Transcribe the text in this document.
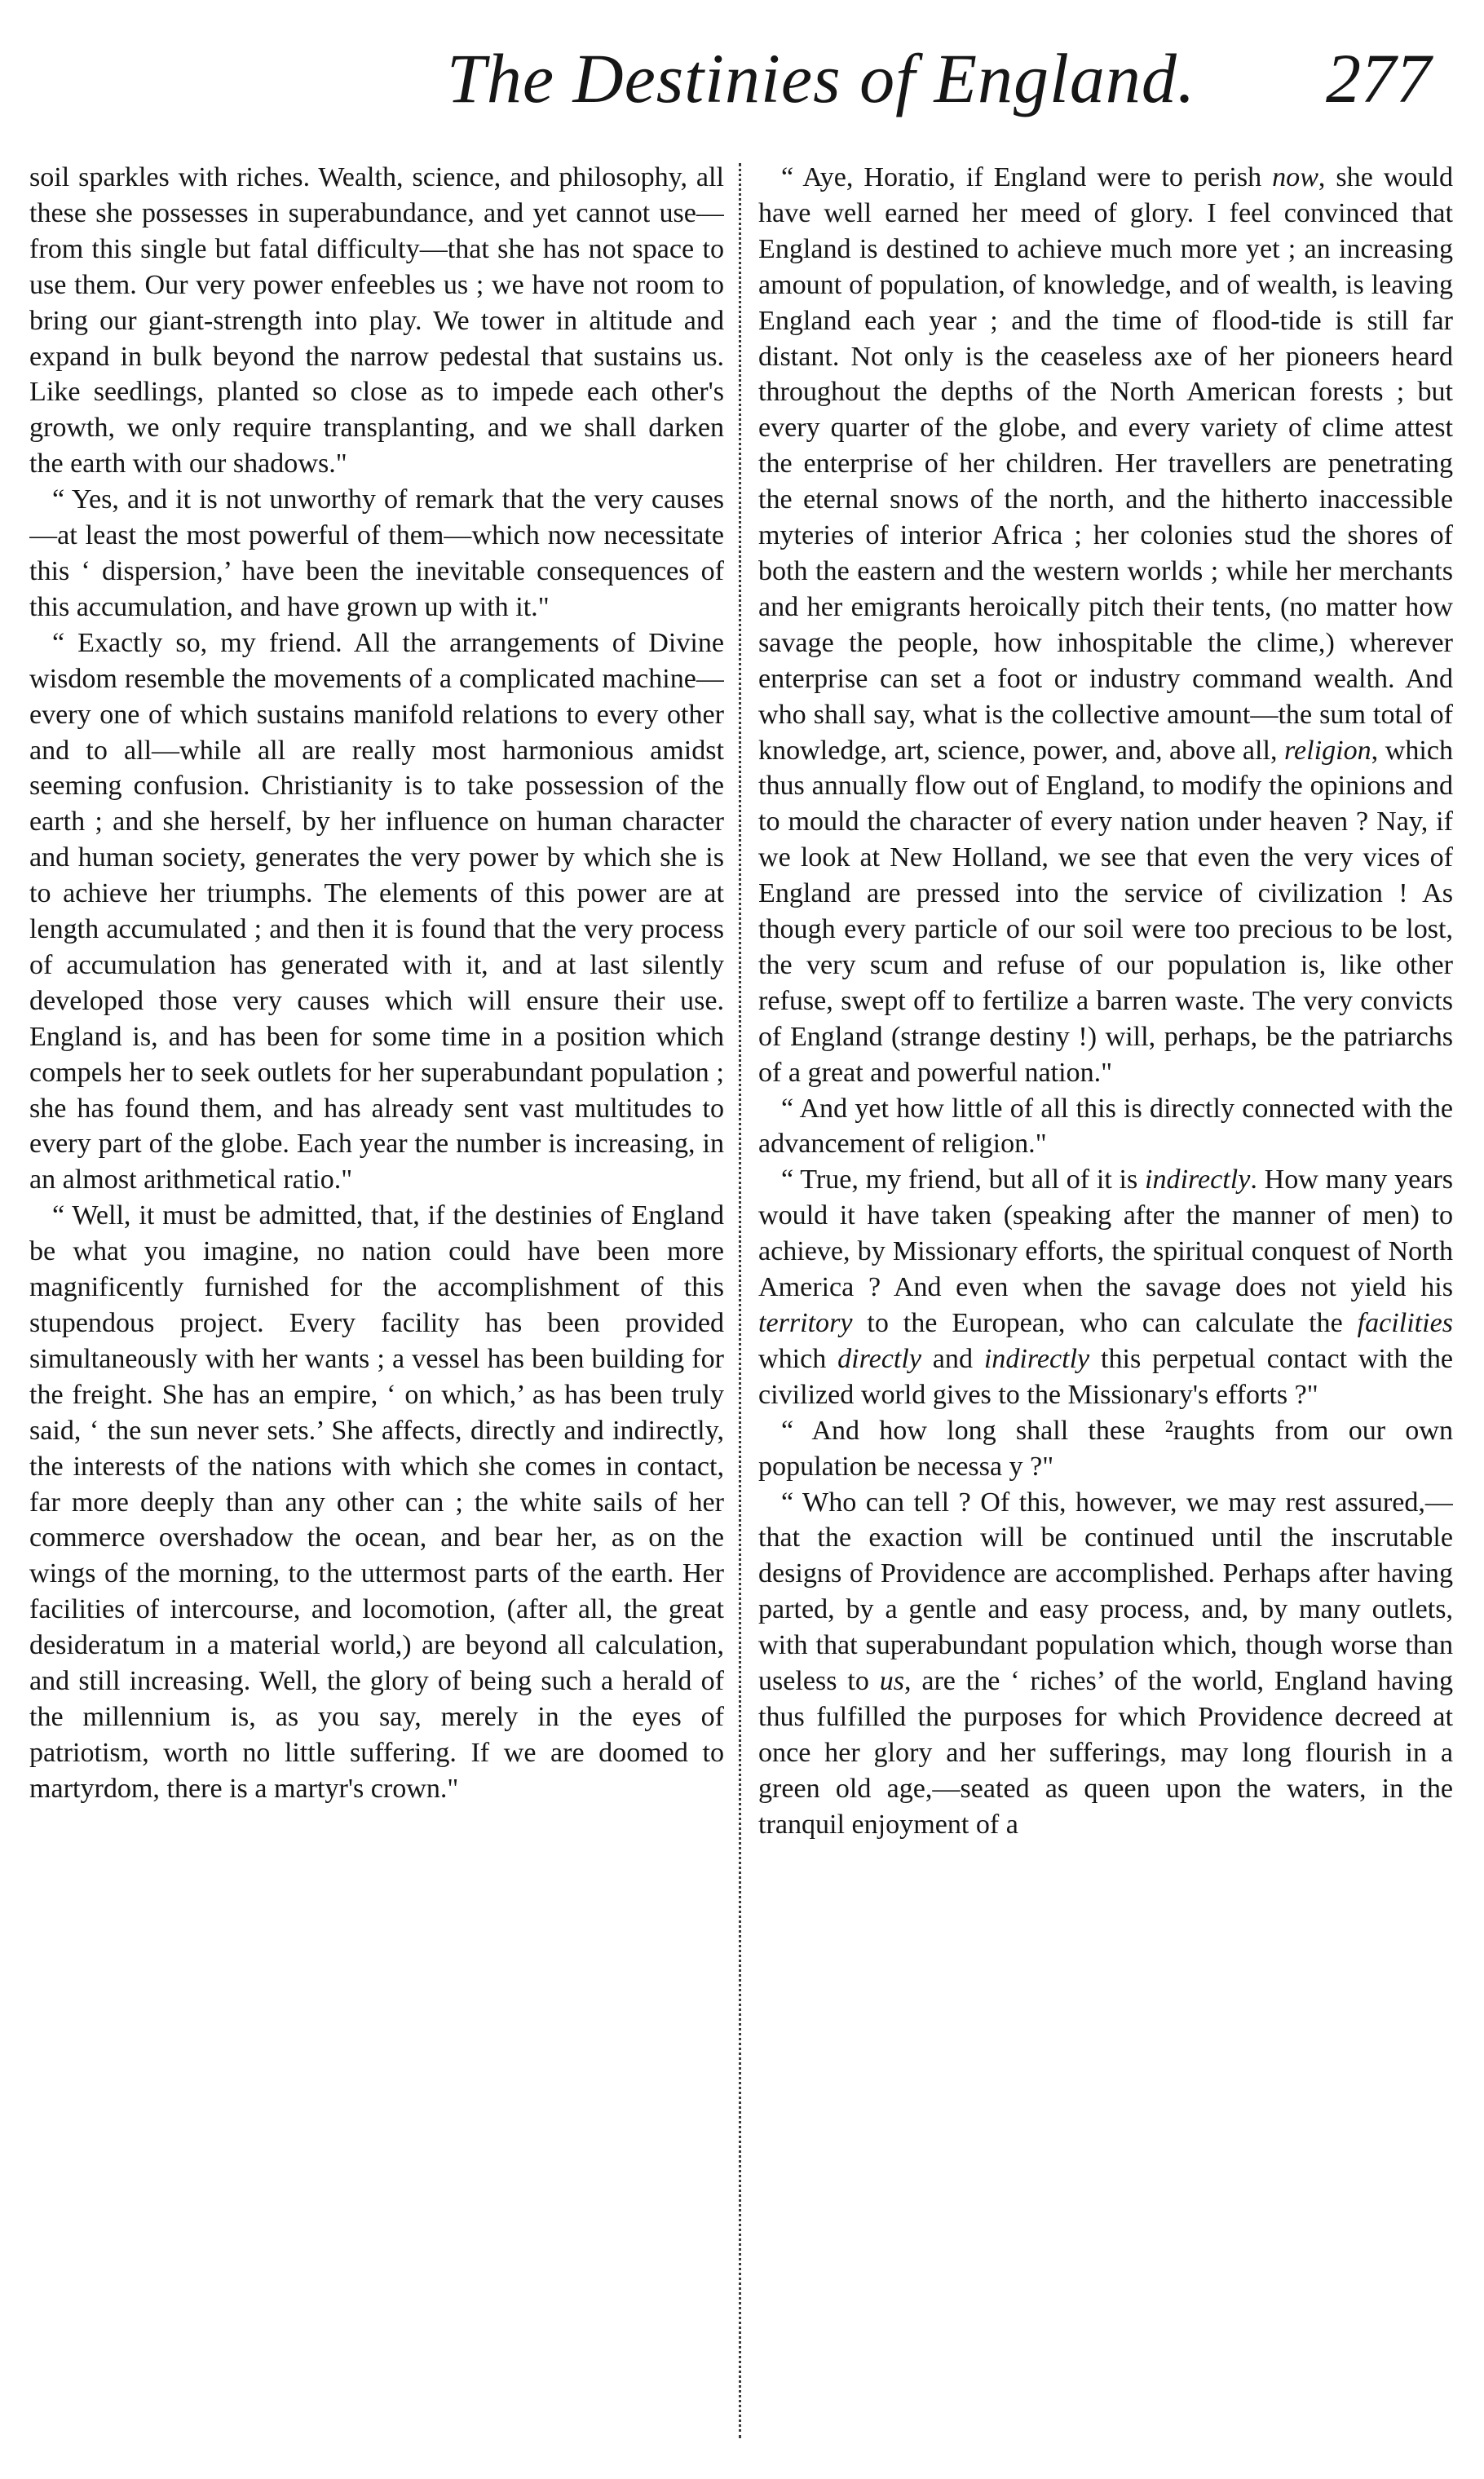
The Destinies of England. 277

soil sparkles with riches. Wealth, science, and philosophy, all these she possesses in superabundance, and yet cannot use—from this single but fatal difficulty—that she has not space to use them. Our very power enfeebles us ; we have not room to bring our giant-strength into play. We tower in altitude and expand in bulk beyond the narrow pedestal that sustains us. Like seedlings, planted so close as to impede each other's growth, we only require transplanting, and we shall darken the earth with our shadows."

“ Yes, and it is not unworthy of remark that the very causes—at least the most powerful of them—which now necessitate this ‘ dispersion,’ have been the inevitable consequences of this accumulation, and have grown up with it."

“ Exactly so, my friend. All the arrangements of Divine wisdom resemble the movements of a complicated machine—every one of which sustains manifold relations to every other and to all—while all are really most harmonious amidst seeming confusion. Christianity is to take possession of the earth ; and she herself, by her influence on human character and human society, generates the very power by which she is to achieve her triumphs. The elements of this power are at length accumulated ; and then it is found that the very process of accumulation has generated with it, and at last silently developed those very causes which will ensure their use. England is, and has been for some time in a position which compels her to seek outlets for her superabundant population ; she has found them, and has already sent vast multitudes to every part of the globe. Each year the number is increasing, in an almost arithmetical ratio."

“ Well, it must be admitted, that, if the destinies of England be what you imagine, no nation could have been more magnificently furnished for the accomplishment of this stupendous project. Every facility has been provided simultaneously with her wants ; a vessel has been building for the freight. She has an empire, ‘ on which,’ as has been truly said, ‘ the sun never sets.’ She affects, directly and indirectly, the interests of the nations with which she comes in contact, far more deeply than any other can ; the white sails of her commerce overshadow the ocean, and bear her, as on the wings of the morning, to the uttermost parts of the earth. Her facilities of intercourse, and locomotion, (after all, the great desideratum in a material world,) are beyond all calculation, and still increasing. Well, the glory of being such a herald of the millennium is, as you say, merely in the eyes of patriotism, worth no little suffering. If we are doomed to martyrdom, there is a martyr's crown."

“ Aye, Horatio, if England were to perish now, she would have well earned her meed of glory. I feel convinced that England is destined to achieve much more yet ; an increasing amount of population, of knowledge, and of wealth, is leaving England each year ; and the time of flood-tide is still far distant. Not only is the ceaseless axe of her pioneers heard throughout the depths of the North American forests ; but every quarter of the globe, and every variety of clime attest the enterprise of her children. Her travellers are penetrating the eternal snows of the north, and the hitherto inaccessible myteries of interior Africa ; her colonies stud the shores of both the eastern and the western worlds ; while her merchants and her emigrants heroically pitch their tents, (no matter how savage the people, how inhospitable the clime,) wherever enterprise can set a foot or industry command wealth. And who shall say, what is the collective amount—the sum total of knowledge, art, science, power, and, above all, religion, which thus annually flow out of England, to modify the opinions and to mould the character of every nation under heaven ? Nay, if we look at New Holland, we see that even the very vices of England are pressed into the service of civilization ! As though every particle of our soil were too precious to be lost, the very scum and refuse of our population is, like other refuse, swept off to fertilize a barren waste. The very convicts of England (strange destiny !) will, perhaps, be the patriarchs of a great and powerful nation."

“ And yet how little of all this is directly connected with the advancement of religion."

“ True, my friend, but all of it is indirectly. How many years would it have taken (speaking after the manner of men) to achieve, by Missionary efforts, the spiritual conquest of North America ? And even when the savage does not yield his territory to the European, who can calculate the facilities which directly and indirectly this perpetual contact with the civilized world gives to the Missionary's efforts ?"

“ And how long shall these ²raughts from our own population be necessa y ?"

“ Who can tell ? Of this, however, we may rest assured,—that the exaction will be continued until the inscrutable designs of Providence are accomplished. Perhaps after having parted, by a gentle and easy process, and, by many outlets, with that superabundant population which, though worse than useless to us, are the ‘ riches’ of the world, England having thus fulfilled the purposes for which Providence decreed at once her glory and her sufferings, may long flourish in a green old age,—seated as queen upon the waters, in the tranquil enjoyment of a
